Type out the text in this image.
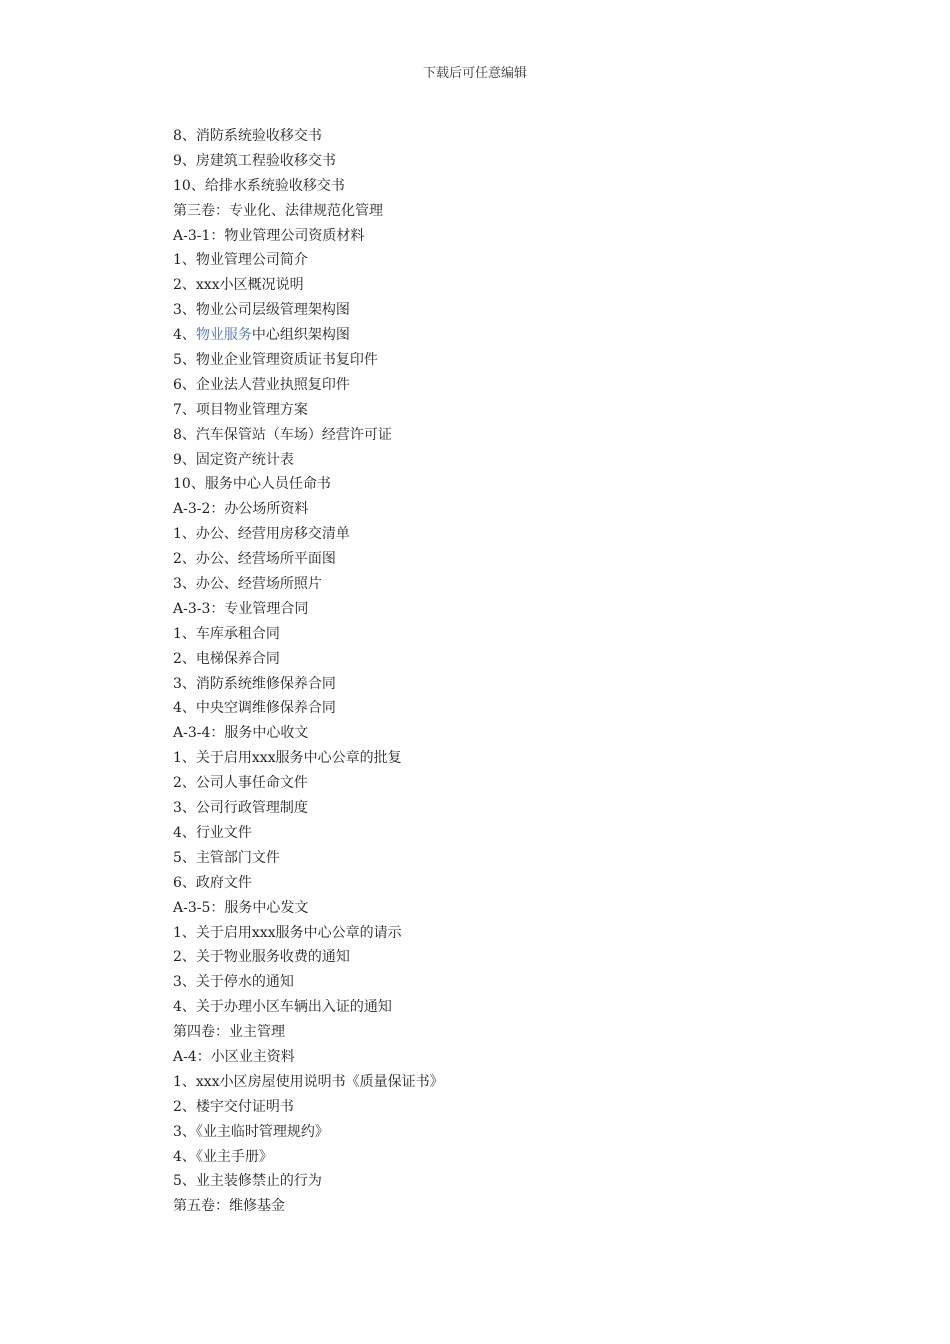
下载后可任意编辑
8、消防系统验收移交书
9、房建筑工程验收移交书
10、给排水系统验收移交书
第三卷：专业化、法律规范化管理
A-3-1：物业管理公司资质材料
1、物业管理公司简介
2、xxx小区概况说明
3、物业公司层级管理架构图
4、物业服务中心组织架构图
5、物业企业管理资质证书复印件
6、企业法人营业执照复印件
7、项目物业管理方案
8、汽车保管站（车场）经营许可证
9、固定资产统计表
10、服务中心人员任命书
A-3-2：办公场所资料
1、办公、经营用房移交清单
2、办公、经营场所平面图
3、办公、经营场所照片
A-3-3：专业管理合同
1、车库承租合同
2、电梯保养合同
3、消防系统维修保养合同
4、中央空调维修保养合同
A-3-4：服务中心收文
1、关于启用xxx服务中心公章的批复
2、公司人事任命文件
3、公司行政管理制度
4、行业文件
5、主管部门文件
6、政府文件
A-3-5：服务中心发文
1、关于启用xxx服务中心公章的请示
2、关于物业服务收费的通知
3、关于停水的通知
4、关于办理小区车辆出入证的通知
第四卷：业主管理
A-4：小区业主资料
1、xxx小区房屋使用说明书《质量保证书》
2、楼宇交付证明书
3、《业主临时管理规约》
4、《业主手册》
5、业主装修禁止的行为
第五卷：维修基金
